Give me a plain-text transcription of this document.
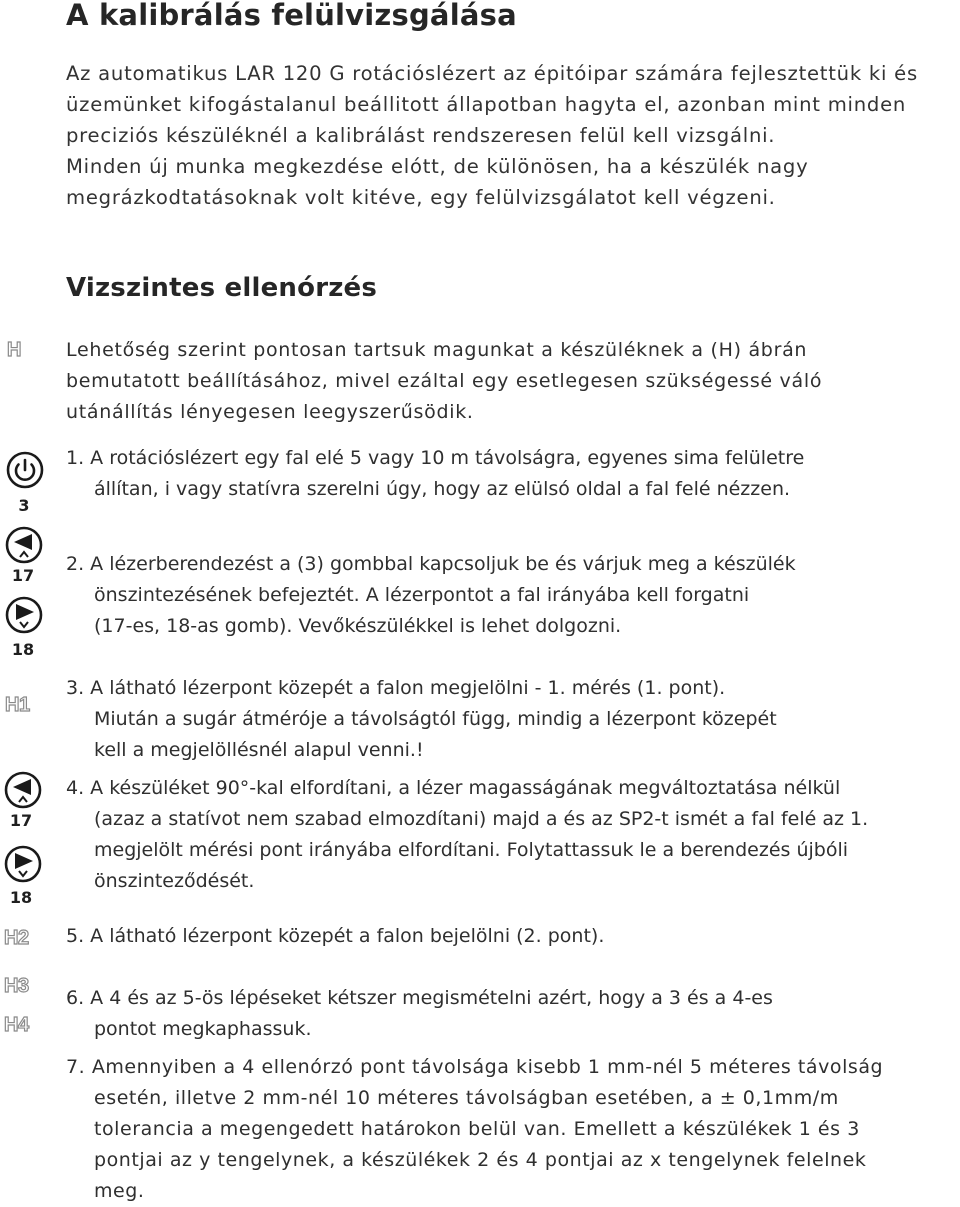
A kalibrálás felülvizsgálása

Az automatikus LAR 120 G rotációslézert az épitóipar számára fejlesztettük ki és
üzemünket kifogástalanul beállitott állapotban hagyta el, azonban mint minden
preciziós készüléknél a kalibrálást rendszeresen felül kell vizsgálni.
Minden új munka megkezdése elótt, de különösen, ha a készülék nagy
megrázkodtatásoknak volt kitéve, egy felülvizsgálatot kell végzeni.

Vizszintes ellenórzés

Lehetőség szerint pontosan tartsuk magunkat a készüléknek a (H) ábrán
bemutatott beállításához, mivel ezáltal egy esetlegesen szükségessé váló
utánállítás lényegesen leegyszerűsödik.

1. A rotációslézert egy fal elé 5 vagy 10 m távolságra, egyenes sima felületre
állítan, i vagy statívra szerelni úgy, hogy az elülsó oldal a fal felé nézzen.
2. A lézerberendezést a (3) gombbal kapcsoljuk be és várjuk meg a készülék
önszintezésének befejeztét. A lézerpontot a fal irányába kell forgatni
(17-es, 18-as gomb). Vevőkészülékkel is lehet dolgozni.
3. A látható lézerpont közepét a falon megjelölni - 1. mérés (1. pont).
Miután a sugár átméróje a távolságtól függ, mindig a lézerpont közepét
kell a megjelöllésnél alapul venni.!
4. A készüléket 90°-kal elfordítani, a lézer magasságának megváltoztatása nélkül
(azaz a statívot nem szabad elmozdítani) majd a és az SP2-t ismét a fal felé az 1.
megjelölt mérési pont irányába elfordítani. Folytattassuk le a berendezés újbóli
önszinteződését.
5. A látható lézerpont közepét a falon bejelölni (2. pont).
6. A 4 és az 5-ös lépéseket kétszer megismételni azért, hogy a 3 és a 4-es
pontot megkaphassuk.
7. Amennyiben a 4 ellenórzó pont távolsága kisebb 1 mm-nél 5 méteres távolság
esetén, illetve 2 mm-nél 10 méteres távolságban esetében, a ± 0,1mm/m
tolerancia a megengedett határokon belül van. Emellett a készülékek 1 és 3
pontjai az y tengelynek, a készülékek 2 és 4 pontjai az x tengelynek felelnek
meg.
H
3
17
18
H1
17
18
H2
H3
H4
